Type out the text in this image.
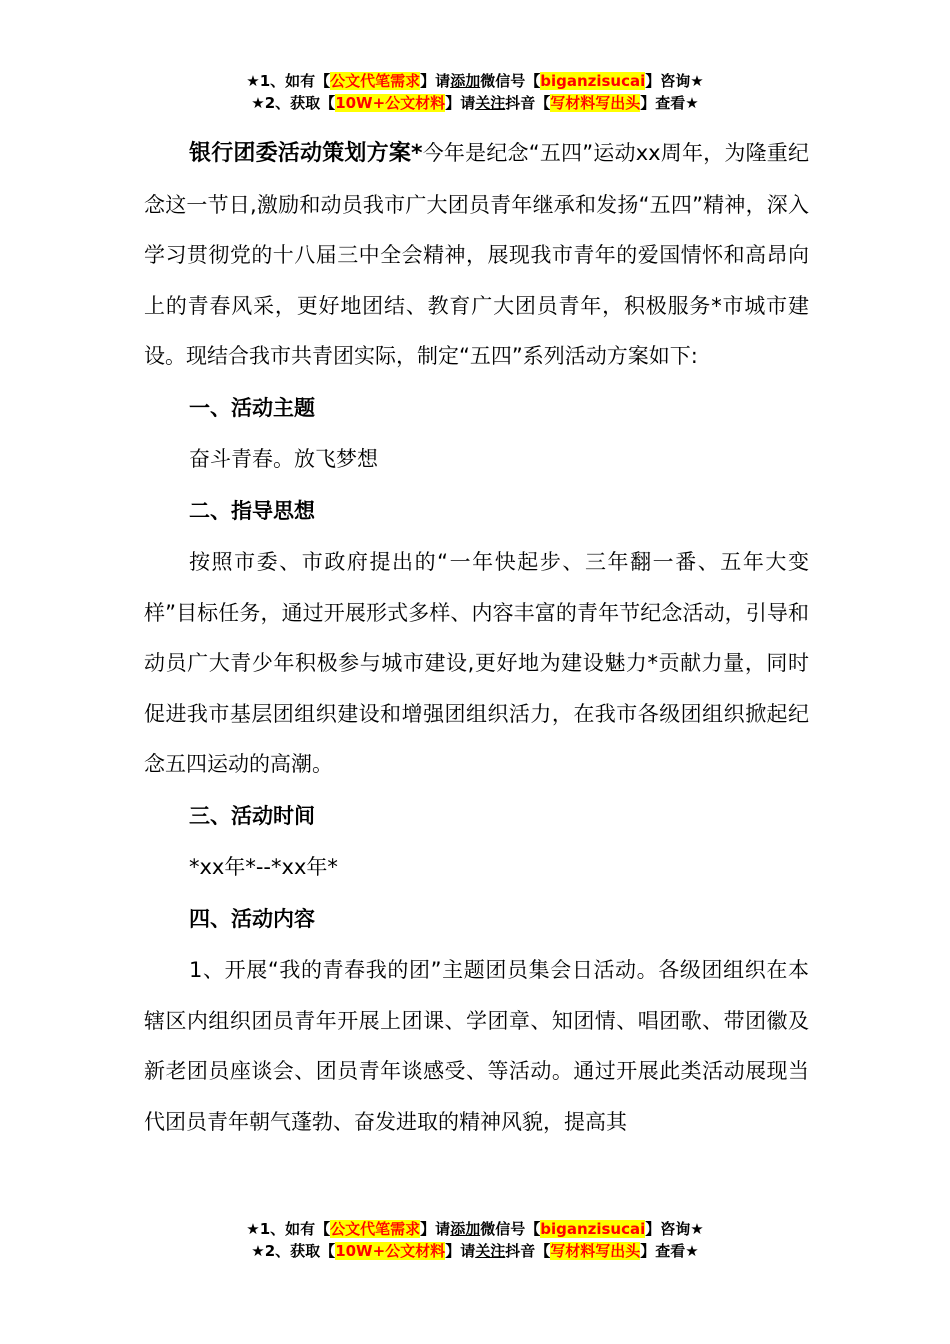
★1、如有【公文代笔需求】请添加微信号【biganzisucai】咨询★
★2、获取【10W+公文材料】请关注抖音【写材料写出头】查看★

银行团委活动策划方案*今年是纪念“五四”运动xx周年，为隆重纪念这一节日,激励和动员我市广大团员青年继承和发扬“五四”精神，深入学习贯彻党的十八届三中全会精神，展现我市青年的爱国情怀和高昂向上的青春风采，更好地团结、教育广大团员青年，积极服务*市城市建设。现结合我市共青团实际，制定“五四”系列活动方案如下:

一、活动主题

奋斗青春。放飞梦想

二、指导思想

按照市委、市政府提出的“一年快起步、三年翻一番、五年大变样”目标任务，通过开展形式多样、内容丰富的青年节纪念活动，引导和动员广大青少年积极参与城市建设,更好地为建设魅力*贡献力量，同时促进我市基层团组织建设和增强团组织活力，在我市各级团组织掀起纪念五四运动的高潮。

三、活动时间

*xx年*--*xx年*

四、活动内容

1、开展“我的青春我的团”主题团员集会日活动。各级团组织在本辖区内组织团员青年开展上团课、学团章、知团情、唱团歌、带团徽及新老团员座谈会、团员青年谈感受、等活动。通过开展此类活动展现当代团员青年朝气蓬勃、奋发进取的精神风貌，提高其

★1、如有【公文代笔需求】请添加微信号【biganzisucai】咨询★
★2、获取【10W+公文材料】请关注抖音【写材料写出头】查看★
